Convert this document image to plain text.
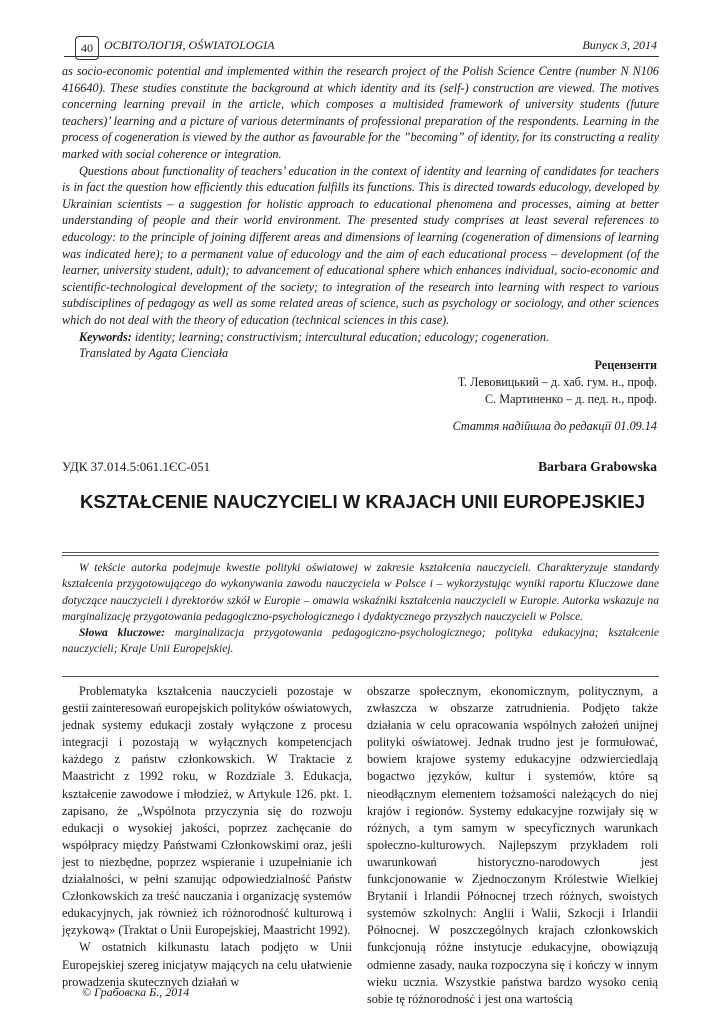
40 ОСВІТОЛОГІЯ, OŚWIATOLOGIA	Випуск 3, 2014

as socio-economic potential and implemented within the research project of the Polish Science Centre (number N N106 416640). These studies constitute the background at which identity and its (self-) construction are viewed. The motives concerning learning prevail in the article, which composes a multisided framework of university students (future teachers)’ learning and a picture of various determinants of professional preparation of the respondents. Learning in the process of cogeneration is viewed by the author as favourable for the ”becoming” of identity, for its constructing a reality marked with social coherence or integration.

Questions about functionality of teachers’ education in the context of identity and learning of candidates for teachers is in fact the question how efficiently this education fulfills its functions. This is directed towards educology, developed by Ukrainian scientists – a suggestion for holistic approach to educational phenomena and processes, aiming at better understanding of people and their world environment. The presented study comprises at least several references to educology: to the principle of joining different areas and dimensions of learning (cogeneration of dimensions of learning was indicated here); to a permanent value of educology and the aim of each educational process – development (of the learner, university student, adult); to advancement of educational sphere which enhances individual, socio-economic and scientific-technological development of the society; to integration of the research into learning with respect to various subdisciplines of pedagogy as well as some related areas of science, such as psychology or sociology, and other sciences which do not deal with the theory of education (technical sciences in this case).

Keywords: identity; learning; constructivism; intercultural education; educology; cogeneration.

Translated by Agata Cienciała

Рецензенти
Т. Левовицький – д. хаб. гум. н., проф.
С. Мартиненко – д. пед. н., проф.
Стаття надійшла до редакції 01.09.14
УДК 37.014.5:061.1ЄС-051	Barbara Grabowska
KSZTAŁCENIE NAUCZYCIELI W KRAJACH UNII EUROPEJSKIEJ

W tekście autorka podejmuje kwestie polityki oświatowej w zakresie kształcenia nauczycieli. Charakteryzuje standardy kształcenia przygotowującego do wykonywania zawodu nauczyciela w Polsce i – wykorzystując wyniki raportu Kluczowe dane dotyczące nauczycieli i dyrektorów szkół w Europie – omawia wskaźniki kształcenia nauczycieli w Europie. Autorka wskazuje na marginalizację przygotowania pedagogiczno-psychologicznego i dydaktycznego przyszłych nauczycieli w Polsce.

Słowa kluczowe: marginalizacja przygotowania pedagogiczno-psychologicznego; polityka edukacyjna; kształcenie nauczycieli; Kraje Unii Europejskiej.

Problematyka kształcenia nauczycieli pozostaje w gestii zainteresowań europejskich polityków oświatowych, jednak systemy edukacji zostały wyłączone z procesu integracji i pozostają w wyłącznych kompetencjach każdego z państw członkowskich. W Traktacie z Maastricht z 1992 roku, w Rozdziale 3. Edukacja, kształcenie zawodowe i młodzież, w Artykule 126. pkt. 1. zapisano, że „Wspólnota przyczynia się do rozwoju edukacji o wysokiej jakości, poprzez zachęcanie do współpracy między Państwami Członkowskimi oraz, jeśli jest to niezbędne, poprzez wspieranie i uzupełnianie ich działalności, w pełni szanując odpowiedzialność Państw Członkowskich za treść nauczania i organizację systemów edukacyjnych, jak również ich różnorodność kulturową i językową» (Traktat o Unii Europejskiej, Maastricht 1992).

W ostatnich kilkunastu latach podjęto w Unii Europejskiej szereg inicjatyw mających na celu ułatwienie prowadzenia skutecznych działań w

obszarze społecznym, ekonomicznym, politycznym, a zwłaszcza w obszarze zatrudnienia. Podjęto także działania w celu opracowania wspólnych założeń unijnej polityki oświatowej. Jednak trudno jest je formułować, bowiem krajowe systemy edukacyjne odzwierciedlają bogactwo języków, kultur i systemów, które są nieodłącznym elementem tożsamości należących do niej krajów i regionów. Systemy edukacyjne rozwijały się w różnych, a tym samym w specyficznych warunkach społeczno-kulturowych. Najlepszym przykładem roli uwarunkowań historyczno-narodowych jest funkcjonowanie w Zjednoczonym Królestwie Wielkiej Brytanii i Irlandii Północnej trzech różnych, swoistych systemów szkolnych: Anglii i Walii, Szkocji i Irlandii Północnej. W poszczególnych krajach członkowskich funkcjonują różne instytucje edukacyjne, obowiązują odmienne zasady, nauka rozpoczyna się i kończy w innym wieku ucznia. Wszystkie państwa bardzo wysoko cenią sobie tę różnorodność i jest ona wartością

© Грабовска Б., 2014
